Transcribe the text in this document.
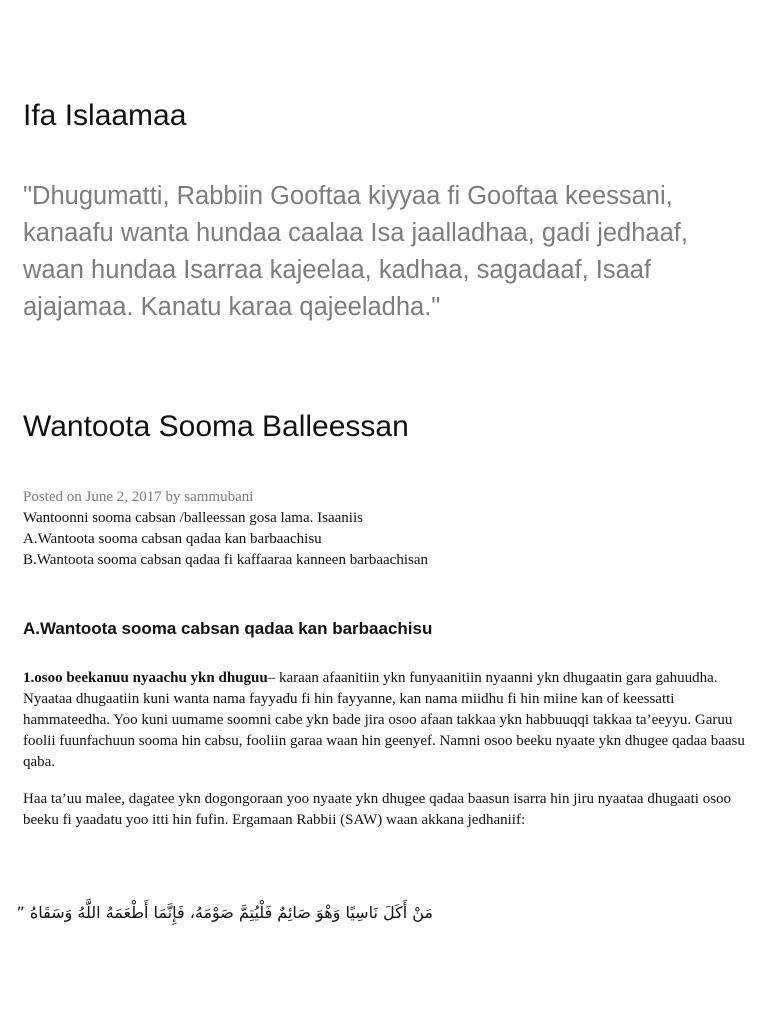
Ifa Islaamaa

"Dhugumatti, Rabbiin Gooftaa kiyyaa fi Gooftaa keessani, kanaafu wanta hundaa caalaa Isa jaalladhaa, gadi jedhaaf, waan hundaa Isarraa kajeelaa, kadhaa, sagadaaf, Isaaf ajajamaa. Kanatu karaa qajeeladha."

Wantoota Sooma Balleessan
Posted on June 2, 2017 by sammubani
Wantoonni sooma cabsan /balleessan gosa lama. Isaaniis
A.Wantoota sooma cabsan qadaa kan barbaachisu
B.Wantoota sooma cabsan qadaa fi kaffaaraa kanneen barbaachisan
A.Wantoota sooma cabsan qadaa kan barbaachisu

1.osoo beekanuu nyaachu ykn dhuguu– karaan afaanitiin ykn funyaanitiin nyaanni ykn dhugaatin gara gahuudha. Nyaataa dhugaatiin kuni wanta nama fayyadu fi hin fayyanne, kan nama miidhu fi hin miine kan of keessatti hammateedha. Yoo kuni uumame soomni cabe ykn bade jira osoo afaan takkaa ykn habbuuqqi takkaa ta’eeyyu. Garuu foolii fuunfachuun sooma hin cabsu, fooliin garaa waan hin geenyef. Namni osoo beeku nyaate ykn dhugee qadaa baasu qaba.

Haa ta’uu malee, dagatee ykn dogongoraan yoo nyaate ykn dhugee qadaa baasun isarra hin jiru nyaataa dhugaati osoo beeku fi yaadatu yoo itti hin fufin. Ergamaan Rabbii (SAW) waan akkana jedhaniif:

مَنْ أَكَلَ نَاسِيًا وَهْوَ صَائِمٌ فَلْيُتِمَّ صَوْمَهُ، فَإِنَّمَا أَطْعَمَهُ اللَّهُ وَسَقَاهُ ”
